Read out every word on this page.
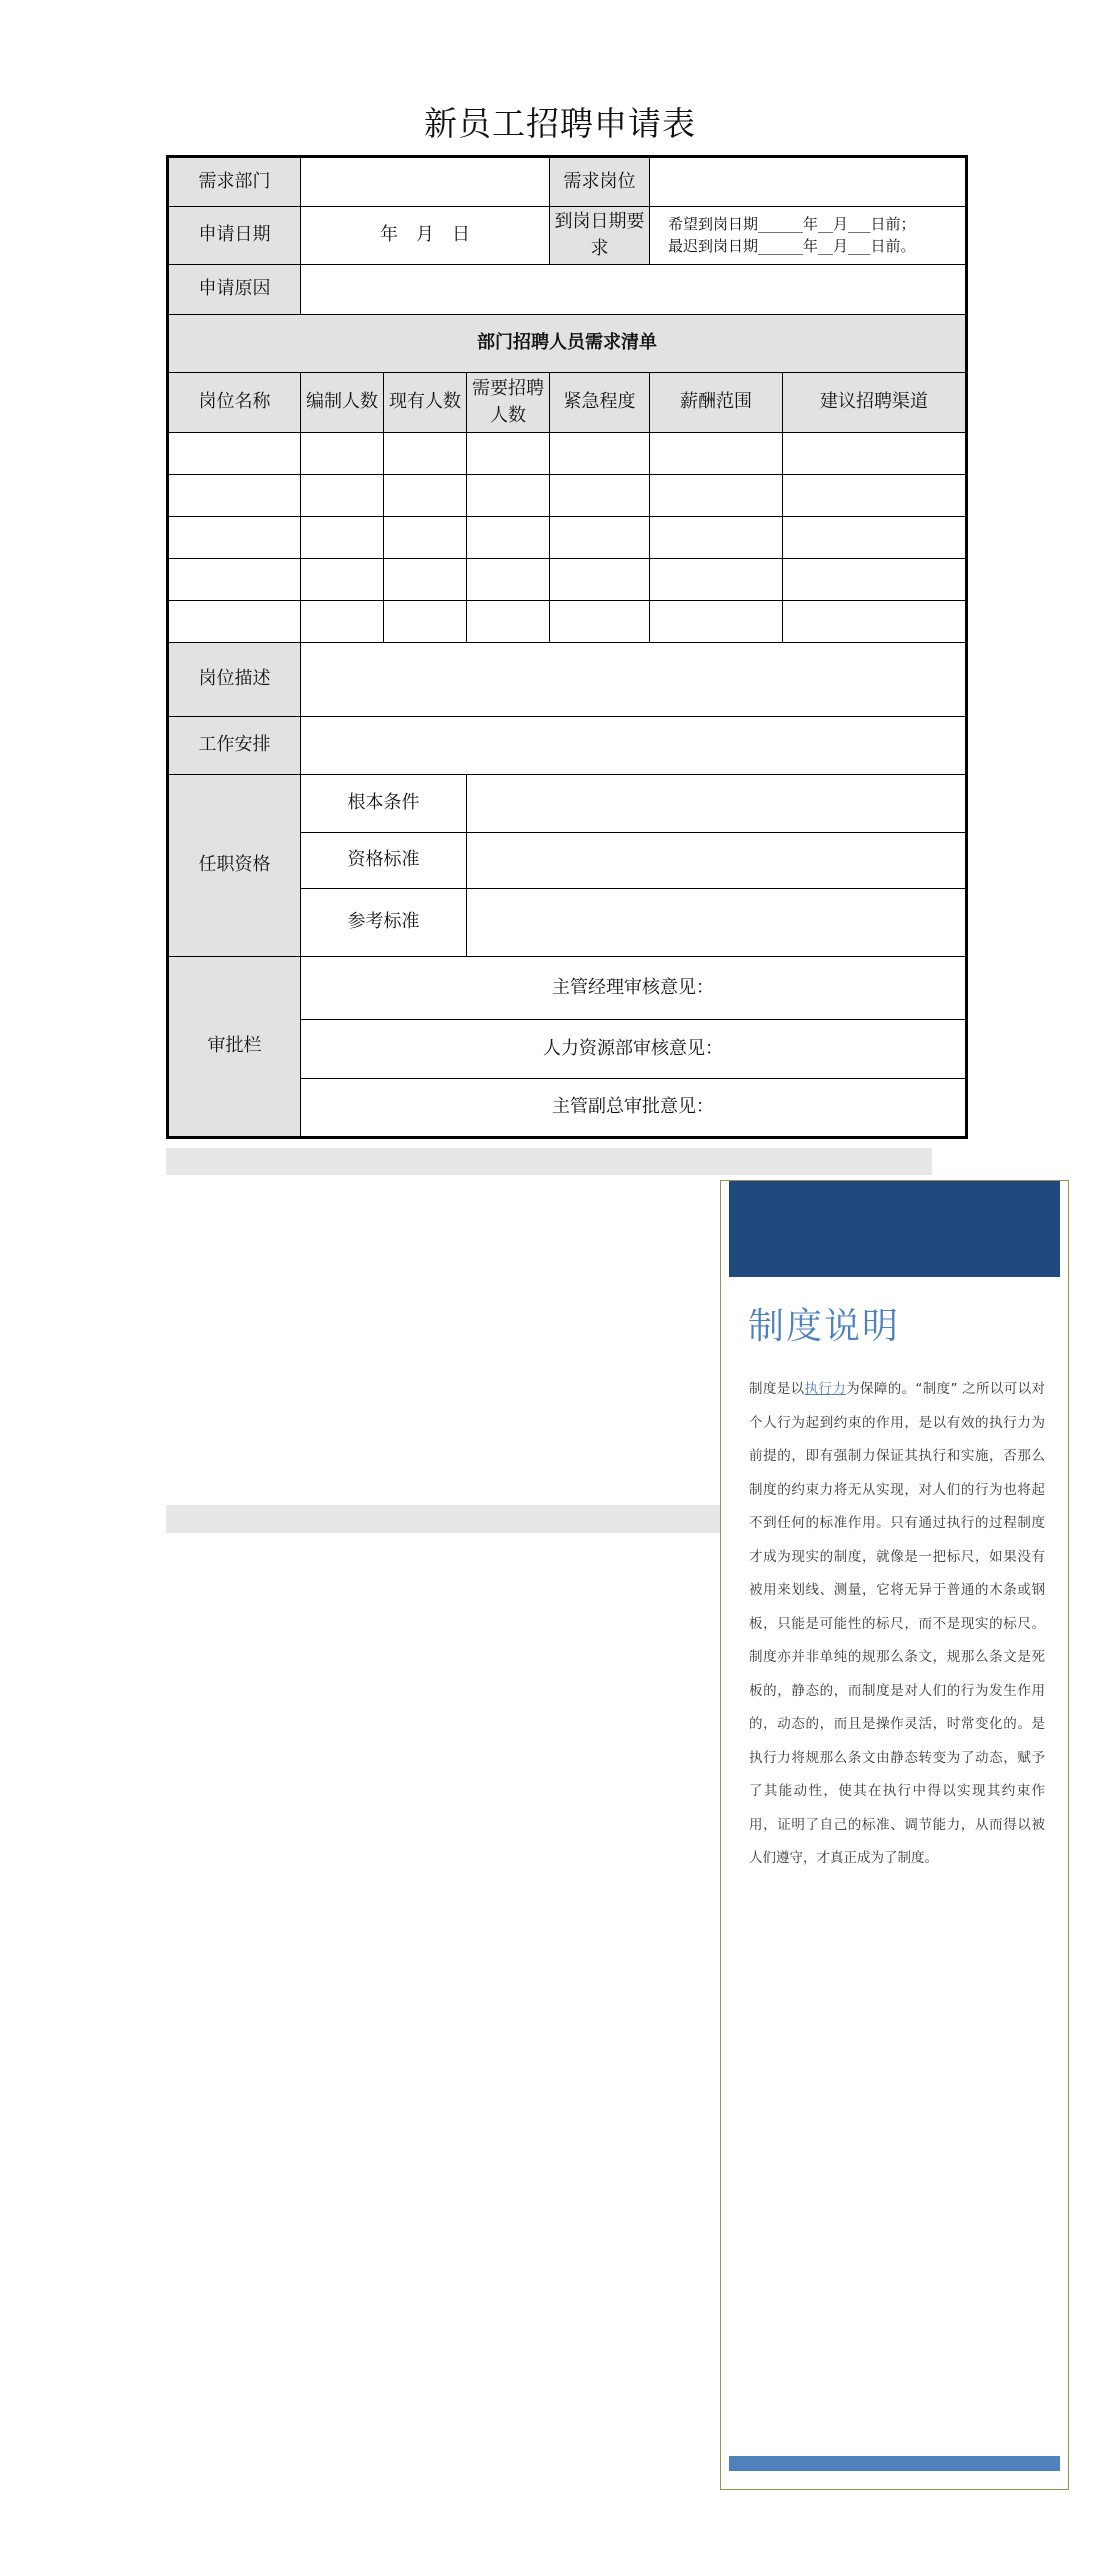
新员工招聘申请表
需求部门				需求岗位		
申请日期	年　月　日			到岗日期要求	希望到岗日期______年__月___日前；
最迟到岗日期______年__月___日前。	

申请原因						
部门招聘人员需求清单						
岗位名称	编制人数	现有人数	需要招聘人数	紧急程度	薪酬范围	建议招聘渠道

岗位描述						
工作安排						
任职资格	根本条件					
	资格标准					
	参考标准					
审批栏	主管经理审核意见：					
	人力资源部审核意见：					
	主管副总审批意见：					
制度说明
制度是以执行力为保障的。“制度” 之所以可以对个人行为起到约束的作用，是以有效的执行力为前提的，即有强制力保证其执行和实施，否那么制度的约束力将无从实现，对人们的行为也将起不到任何的标准作用。只有通过执行的过程制度才成为现实的制度，就像是一把标尺，如果没有被用来划线、测量，它将无异于普通的木条或钢板，只能是可能性的标尺，而不是现实的标尺。制度亦并非单纯的规那么条文，规那么条文是死板的，静态的，而制度是对人们的行为发生作用的，动态的，而且是操作灵活，时常变化的。是执行力将规那么条文由静态转变为了动态，赋予了其能动性，使其在执行中得以实现其约束作用，证明了自己的标准、调节能力，从而得以被人们遵守，才真正成为了制度。
